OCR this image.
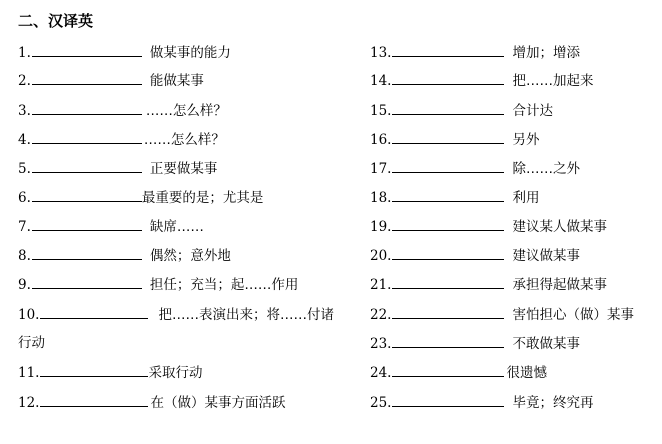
二、汉译英
1.	做某事的能力
2.	能做某事
3.	……怎么样？
4.	……怎么样？
5.	正要做某事
6.	最重要的是；尤其是
7.	缺席……
8.	偶然；意外地
9.	担任；充当；起……作用
10.	把……表演出来；将……付诸
行动
11.	采取行动
12.	在（做）某事方面活跃
13.	增加；增添
14.	把……加起来
15.	合计达
16.	另外
17.	除……之外
18.	利用
19.	建议某人做某事
20.	建议做某事
21.	承担得起做某事
22.	害怕担心（做）某事
23.	不敢做某事
24.	很遗憾
25.	毕竟；终究再
